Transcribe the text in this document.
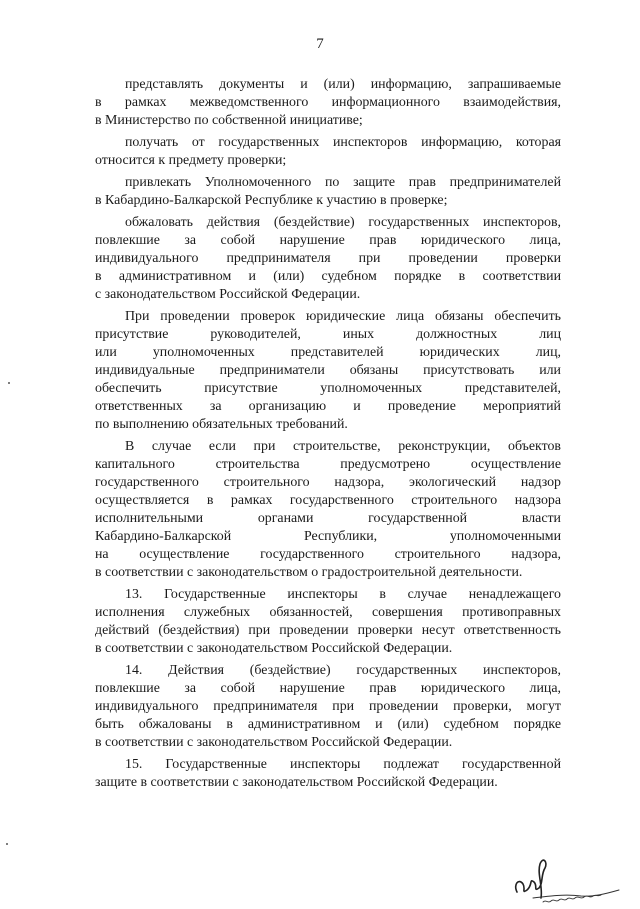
7
представлять документы и (или) информацию, запрашиваемые
в рамках межведомственного информационного взаимодействия,
в Министерство по собственной инициативе;
получать от государственных инспекторов информацию, которая
относится к предмету проверки;
привлекать Уполномоченного по защите прав предпринимателей
в Кабардино-Балкарской Республике к участию в проверке;
обжаловать действия (бездействие) государственных инспекторов,
повлекшие за собой нарушение прав юридического лица,
индивидуального предпринимателя при проведении проверки
в административном и (или) судебном порядке в соответствии
с законодательством Российской Федерации.
При проведении проверок юридические лица обязаны обеспечить
присутствие руководителей, иных должностных лиц
или уполномоченных представителей юридических лиц,
индивидуальные предприниматели обязаны присутствовать или
обеспечить присутствие уполномоченных представителей,
ответственных за организацию и проведение мероприятий
по выполнению обязательных требований.
В случае если при строительстве, реконструкции, объектов
капитального строительства предусмотрено осуществление
государственного строительного надзора, экологический надзор
осуществляется в рамках государственного строительного надзора
исполнительными органами государственной власти
Кабардино-Балкарской Республики, уполномоченными
на осуществление государственного строительного надзора,
в соответствии с законодательством о градостроительной деятельности.
13. Государственные инспекторы в случае ненадлежащего
исполнения служебных обязанностей, совершения противоправных
действий (бездействия) при проведении проверки несут ответственность
в соответствии с законодательством Российской Федерации.
14. Действия (бездействие) государственных инспекторов,
повлекшие за собой нарушение прав юридического лица,
индивидуального предпринимателя при проведении проверки, могут
быть обжалованы в административном и (или) судебном порядке
в соответствии с законодательством Российской Федерации.
15. Государственные инспекторы подлежат государственной
защите в соответствии с законодательством Российской Федерации.
